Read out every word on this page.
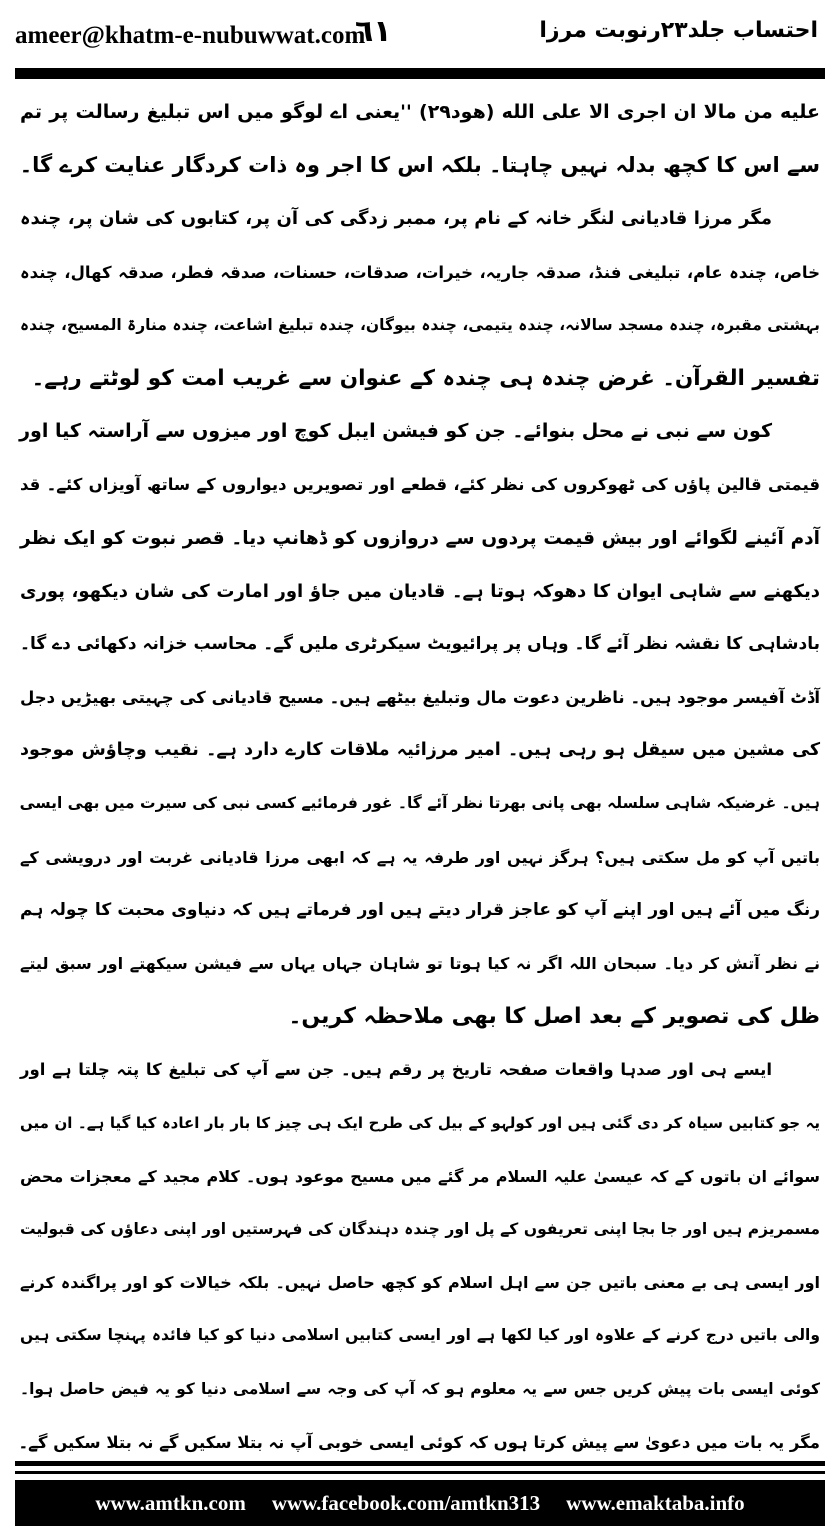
ameer@khatm-e-nubuwwat.com
٦١	احتساب جلد۲۳رنوبت مرزا
علیه من مالا ان اجری الا علی الله (هود۲۹) ''یعنی اے لوگو میں اس تبلیغ رسالت پر تم
سے اس کا کچھ بدلہ نہیں چاہتا۔ بلکہ اس کا اجر وہ ذات کردگار عنایت کرے گا۔
مگر مرزا قادیانی لنگر خانہ کے نام پر، ممبر زدگی کی آن پر، کتابوں کی شان پر، چندہ
خاص، چندہ عام، تبلیغی فنڈ، صدقہ جاریہ، خیرات، صدقات، حسنات، صدقہ فطر، صدقہ کھال، چندہ
بہشتی مقبرہ، چندہ مسجد سالانہ، چندہ یتیمی، چندہ بیوگان، چندہ تبلیغ اشاعت، چندہ منارۃ المسیح، چندہ
تفسیر القرآن۔ غرض چندہ ہی چندہ کے عنوان سے غریب امت کو لوٹتے رہے۔
کون سے نبی نے محل بنوائے۔ جن کو فیشن ایبل کوچ اور میزوں سے آراستہ کیا اور
قیمتی قالین پاؤں کی ٹھوکروں کی نظر کئے، قطعے اور تصویریں دیواروں کے ساتھ آویزاں کئے۔ قد
آدم آئینے لگوائے اور بیش قیمت پردوں سے دروازوں کو ڈھانپ دیا۔ قصر نبوت کو ایک نظر
دیکھنے سے شاہی ایوان کا دھوکہ ہوتا ہے۔ قادیان میں جاؤ اور امارت کی شان دیکھو، پوری
بادشاہی کا نقشہ نظر آئے گا۔ وہاں پر پرائیویٹ سیکرٹری ملیں گے۔ محاسب خزانہ دکھائی دے گا۔
آڈٹ آفیسر موجود ہیں۔ ناظرین دعوت مال وتبلیغ بیٹھے ہیں۔ مسیح قادیانی کی چہیتی بھیڑیں دجل
کی مشین میں سیقل ہو رہی ہیں۔ امیر مرزائیہ ملاقات کارے دارد ہے۔ نقیب وچاؤش موجود
ہیں۔ غرضیکہ شاہی سلسلہ بھی پانی بھرتا نظر آئے گا۔ غور فرمائیے کسی نبی کی سیرت میں بھی ایسی
باتیں آپ کو مل سکتی ہیں؟ ہرگز نہیں اور طرفہ یہ ہے کہ ابھی مرزا قادیانی غربت اور درویشی کے
رنگ میں آئے ہیں اور اپنے آپ کو عاجز قرار دیتے ہیں اور فرماتے ہیں کہ دنیاوی محبت کا چولہ ہم
نے نظر آتش کر دیا۔ سبحان اللہ اگر نہ کیا ہوتا تو شاہان جہاں یہاں سے فیشن سیکھتے اور سبق لیتے
ظل کی تصویر کے بعد اصل کا بھی ملاحظہ کریں۔
ایسے ہی اور صدہا واقعات صفحہ تاریخ پر رقم ہیں۔ جن سے آپ کی تبلیغ کا پتہ چلتا ہے اور
یہ جو کتابیں سیاہ کر دی گئی ہیں اور کولہو کے بیل کی طرح ایک ہی چیز کا بار بار اعادہ کیا گیا ہے۔ ان میں
سوائے ان باتوں کے کہ عیسیٰ علیہ السلام مر گئے میں مسیح موعود ہوں۔ کلام مجید کے معجزات محض
مسمریزم ہیں اور جا بجا اپنی تعریفوں کے پل اور چندہ دہندگان کی فہرستیں اور اپنی دعاؤں کی قبولیت
اور ایسی ہی بے معنی باتیں جن سے اہل اسلام کو کچھ حاصل نہیں۔ بلکہ خیالات کو اور پراگندہ کرنے
والی باتیں درج کرنے کے علاوہ اور کیا لکھا ہے اور ایسی کتابیں اسلامی دنیا کو کیا فائدہ پہنچا سکتی ہیں
کوئی ایسی بات پیش کریں جس سے یہ معلوم ہو کہ آپ کی وجہ سے اسلامی دنیا کو یہ فیض حاصل ہوا۔
مگر یہ بات میں دعویٰ سے پیش کرتا ہوں کہ کوئی ایسی خوبی آپ نہ بتلا سکیں گے نہ بتلا سکیں گے۔
www.amtkn.com www.facebook.com/amtkn313 www.emaktaba.info
